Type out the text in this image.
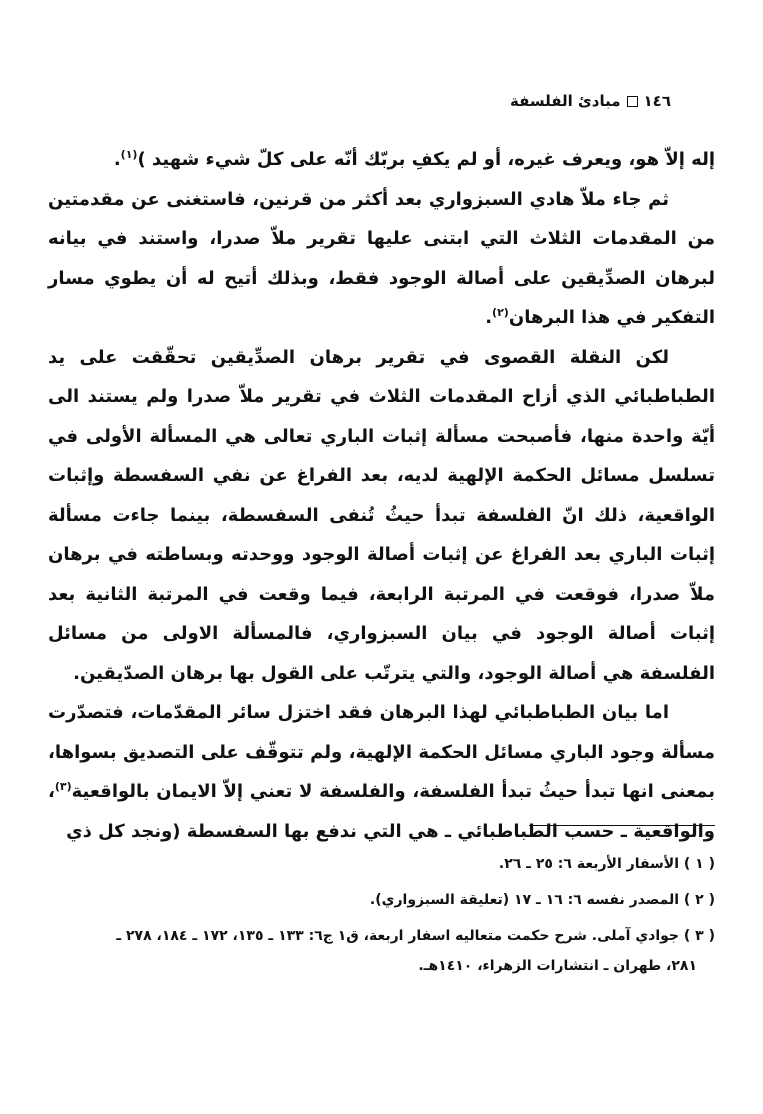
١٤٦
مبادئ الفلسفة

إله إلاّ هو، ويعرف غيره، أو لم يكفِ بربّك أنّه على كلّ شيء شهيد )$^{(١)}$.

ثم جاء ملاّ هادي السبزواري بعد أكثر من قرنين، فاستغنى عن مقدمتين من المقدمات الثلاث التي ابتنى عليها تقرير ملاّ صدرا، واستند في بيانه لبرهان الصدِّيقين على أصالة الوجود فقط، وبذلك أتيح له أن يطوي مسار التفكير في هذا البرهان$^{(٢)}$.

لكن النقلة القصوى في تقرير برهان الصدِّيقين تحقّقت على يد الطباطبائي الذي أزاح المقدمات الثلاث في تقرير ملاّ صدرا ولم يستند الى أيّة واحدة منها، فأصبحت مسألة إثبات الباري تعالى هي المسألة الأولى في تسلسل مسائل الحكمة الإلهية لديه، بعد الفراغ عن نفي السفسطة وإثبات الواقعية، ذلك انّ الفلسفة تبدأ حيثُ تُنفى السفسطة، بينما جاءت مسألة إثبات الباري بعد الفراغ عن إثبات أصالة الوجود ووحدته وبساطته في برهان ملاّ صدرا، فوقعت في المرتبة الرابعة، فيما وقعت في المرتبة الثانية بعد إثبات أصالة الوجود في بيان السبزواري، فالمسألة الاولى من مسائل الفلسفة هي أصالة الوجود، والتي يترتّب على القول بها برهان الصدّيقين.

اما بيان الطباطبائي لهذا البرهان فقد اختزل سائر المقدّمات، فتصدّرت مسألة وجود الباري مسائل الحكمة الإلهية، ولم تتوقّف على التصديق بسواها، بمعنى انها تبدأ حيثُ تبدأ الفلسفة، والفلسفة لا تعني إلاّ الايمان بالواقعية$^{(٣)}$، والواقعية ـ حسب الطباطبائي ـ هي التي ندفع بها السفسطة (ونجد كل ذي

( ١ ) الأسفار الأربعة ٦: ٢٥ ـ ٢٦.

( ٢ ) المصدر نفسه ٦: ١٦ ـ ١٧ (تعليقة السبزواري).

( ٣ ) جوادي آملى. شرح حكمت متعاليه اسفار اربعة، ق١ ج٦: ١٣٣ ـ ١٣٥، ١٧٢ ـ ١٨٤، ٢٧٨ ـ

٢٨١، طهران ـ انتشارات الزهراء، ١٤١٠هـ.
